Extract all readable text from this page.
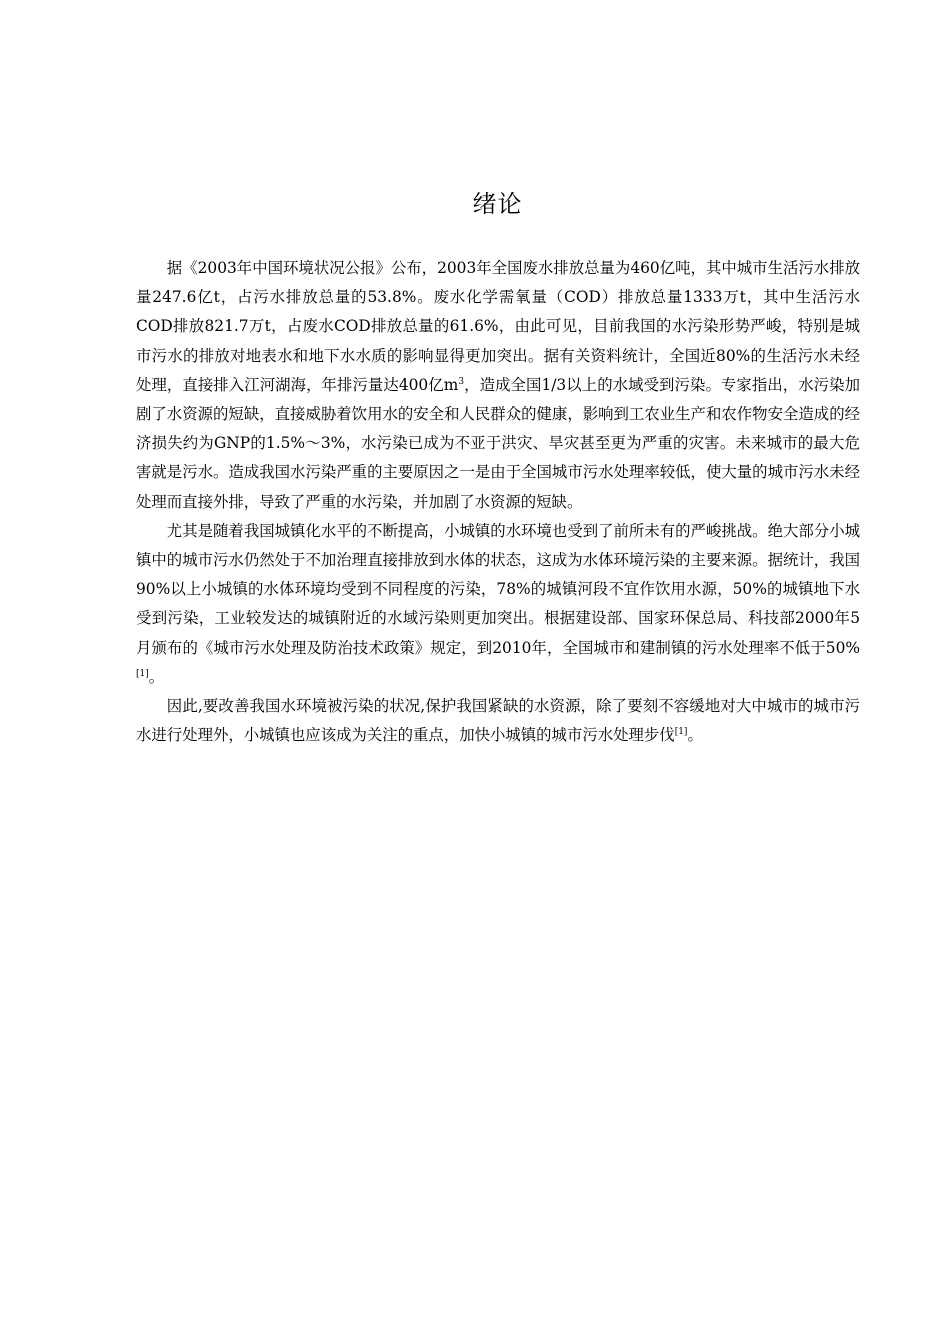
绪论

据《2003年中国环境状况公报》公布，2003年全国废水排放总量为460亿吨，其中城市生活污水排放量247.6亿t，占污水排放总量的53.8%。废水化学需氧量（COD）排放总量1333万t，其中生活污水COD排放821.7万t，占废水COD排放总量的61.6%，由此可见，目前我国的水污染形势严峻，特别是城市污水的排放对地表水和地下水水质的影响显得更加突出。据有关资料统计，全国近80%的生活污水未经处理，直接排入江河湖海，年排污量达400亿$m^3$，造成全国1/3以上的水域受到污染。专家指出，水污染加剧了水资源的短缺，直接威胁着饮用水的安全和人民群众的健康，影响到工农业生产和农作物安全造成的经济损失约为GNP的1.5%～3%，水污染已成为不亚于洪灾、旱灾甚至更为严重的灾害。未来城市的最大危害就是污水。造成我国水污染严重的主要原因之一是由于全国城市污水处理率较低，使大量的城市污水未经处理而直接外排，导致了严重的水污染，并加剧了水资源的短缺。

尤其是随着我国城镇化水平的不断提高，小城镇的水环境也受到了前所未有的严峻挑战。绝大部分小城镇中的城市污水仍然处于不加治理直接排放到水体的状态，这成为水体环境污染的主要来源。据统计，我国90%以上小城镇的水体环境均受到不同程度的污染，78%的城镇河段不宜作饮用水源，50%的城镇地下水受到污染，工业较发达的城镇附近的水域污染则更加突出。根据建设部、国家环保总局、科技部2000年5月颁布的《城市污水处理及防治技术政策》规定，到2010年，全国城市和建制镇的污水处理率不低于50%[1]。

因此,要改善我国水环境被污染的状况,保护我国紧缺的水资源，除了要刻不容缓地对大中城市的城市污水进行处理外，小城镇也应该成为关注的重点，加快小城镇的城市污水处理步伐[1]。
